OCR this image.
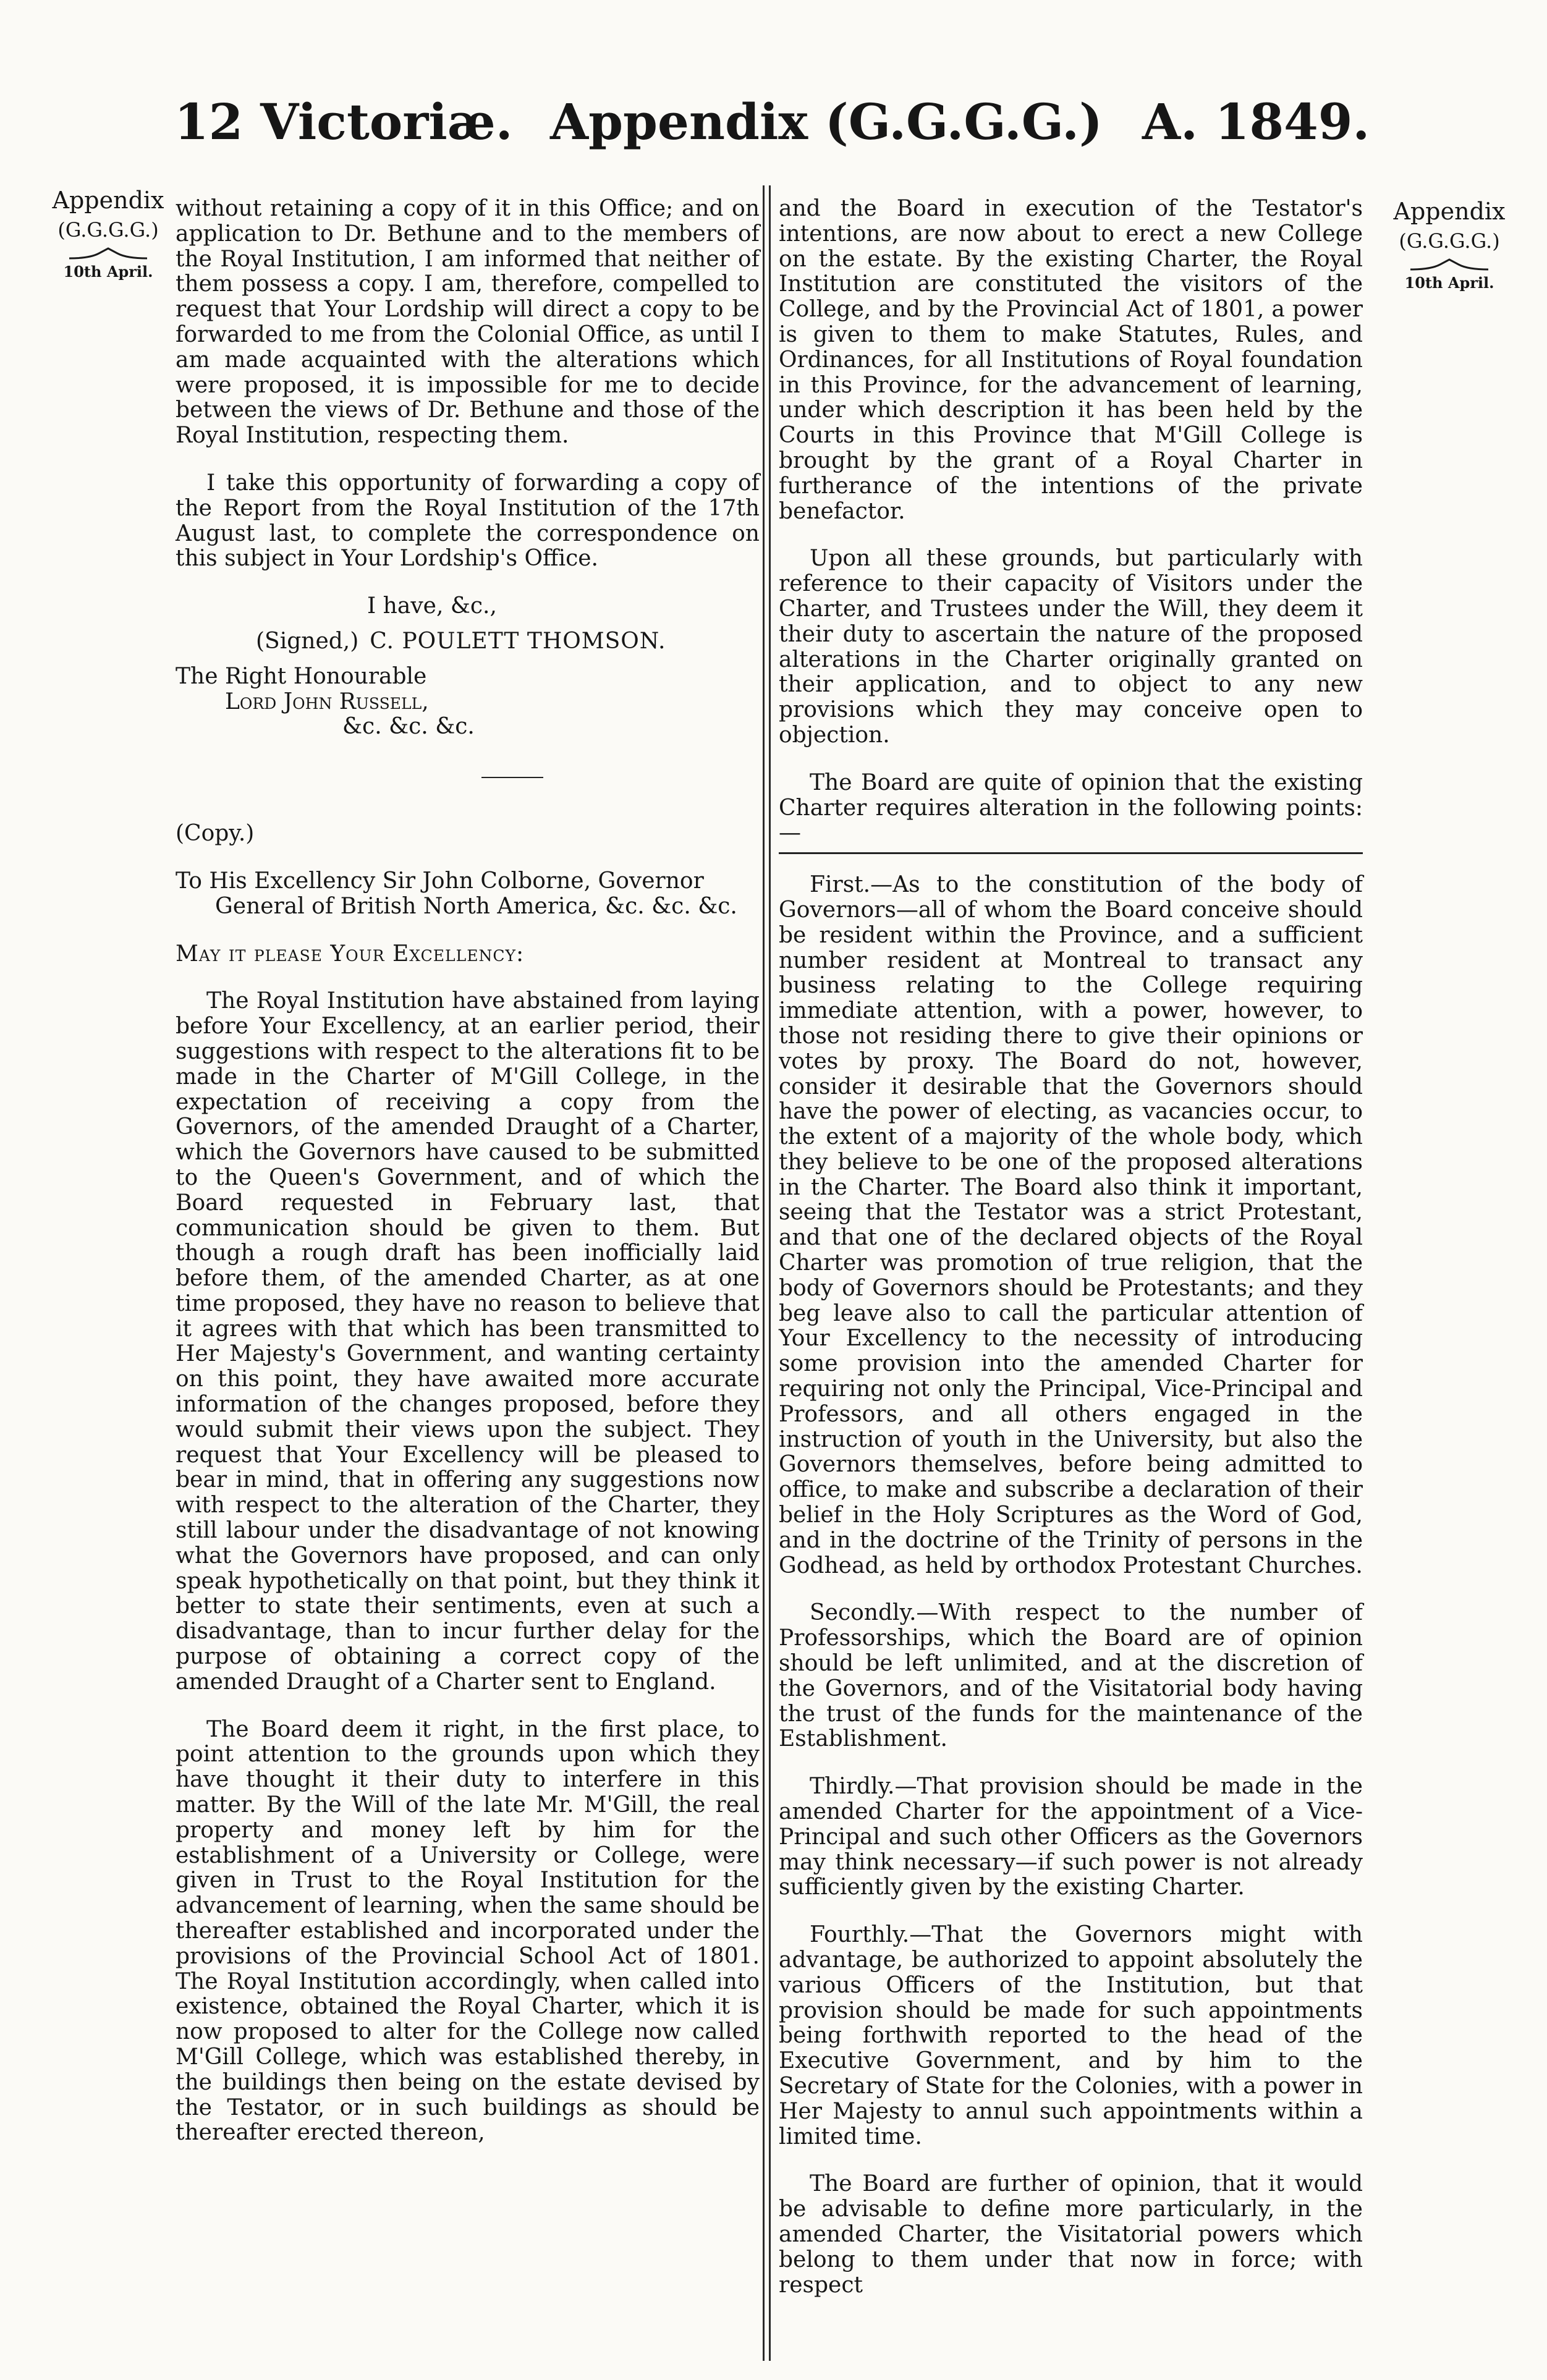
12 Victoriæ. Appendix (G.G.G.G.) A. 1849.
Appendix
(G.G.G.G.)
10th April.
Appendix
(G.G.G.G.)
10th April.

without retaining a copy of it in this Office; and on application to Dr. Bethune and to the members of the Royal Institution, I am informed that neither of them possess a copy. I am, therefore, compelled to request that Your Lordship will direct a copy to be forwarded to me from the Colonial Office, as until I am made acquainted with the alterations which were proposed, it is impossible for me to decide between the views of Dr. Bethune and those of the Royal Institution, respecting them.

I take this opportunity of forwarding a copy of the Report from the Royal Institution of the 17th August last, to complete the correspondence on this subject in Your Lordship's Office.

I have, &c.,
(Signed,) C. POULETT THOMSON.
The Right Honourable
Lord John Russell,
&c. &c. &c.
(Copy.)
To His Excellency Sir John Colborne, Governor
General of British North America, &c. &c. &c.
May it please Your Excellency:

The Royal Institution have abstained from laying before Your Excellency, at an earlier period, their suggestions with respect to the alterations fit to be made in the Charter of M'Gill College, in the expectation of receiving a copy from the Governors, of the amended Draught of a Charter, which the Governors have caused to be submitted to the Queen's Government, and of which the Board requested in February last, that communication should be given to them. But though a rough draft has been inofficially laid before them, of the amended Charter, as at one time proposed, they have no reason to believe that it agrees with that which has been transmitted to Her Majesty's Government, and wanting certainty on this point, they have awaited more accurate information of the changes proposed, before they would submit their views upon the subject. They request that Your Excellency will be pleased to bear in mind, that in offering any suggestions now with respect to the alteration of the Charter, they still labour under the disadvantage of not knowing what the Governors have proposed, and can only speak hypothetically on that point, but they think it better to state their sentiments, even at such a disadvantage, than to incur further delay for the purpose of obtaining a correct copy of the amended Draught of a Charter sent to England.

The Board deem it right, in the first place, to point attention to the grounds upon which they have thought it their duty to interfere in this matter. By the Will of the late Mr. M'Gill, the real property and money left by him for the establishment of a University or College, were given in Trust to the Royal Institution for the advancement of learning, when the same should be thereafter established and incorporated under the provisions of the Provincial School Act of 1801. The Royal Institution accordingly, when called into existence, obtained the Royal Charter, which it is now proposed to alter for the College now called M'Gill College, which was established thereby, in the buildings then being on the estate devised by the Testator, or in such buildings as should be thereafter erected thereon,

and the Board in execution of the Testator's intentions, are now about to erect a new College on the estate. By the existing Charter, the Royal Institution are constituted the visitors of the College, and by the Provincial Act of 1801, a power is given to them to make Statutes, Rules, and Ordinances, for all Institutions of Royal foundation in this Province, for the advancement of learning, under which description it has been held by the Courts in this Province that M'Gill College is brought by the grant of a Royal Charter in furtherance of the intentions of the private benefactor.

Upon all these grounds, but particularly with reference to their capacity of Visitors under the Charter, and Trustees under the Will, they deem it their duty to ascertain the nature of the proposed alterations in the Charter originally granted on their application, and to object to any new provisions which they may conceive open to objection.

The Board are quite of opinion that the existing Charter requires alteration in the following points:—

First.—As to the constitution of the body of Governors—all of whom the Board conceive should be resident within the Province, and a sufficient number resident at Montreal to transact any business relating to the College requiring immediate attention, with a power, however, to those not residing there to give their opinions or votes by proxy. The Board do not, however, consider it desirable that the Governors should have the power of electing, as vacancies occur, to the extent of a majority of the whole body, which they believe to be one of the proposed alterations in the Charter. The Board also think it important, seeing that the Testator was a strict Protestant, and that one of the declared objects of the Royal Charter was promotion of true religion, that the body of Governors should be Protestants; and they beg leave also to call the particular attention of Your Excellency to the necessity of introducing some provision into the amended Charter for requiring not only the Principal, Vice-Principal and Professors, and all others engaged in the instruction of youth in the University, but also the Governors themselves, before being admitted to office, to make and subscribe a declaration of their belief in the Holy Scriptures as the Word of God, and in the doctrine of the Trinity of persons in the Godhead, as held by orthodox Protestant Churches.

Secondly.—With respect to the number of Professorships, which the Board are of opinion should be left unlimited, and at the discretion of the Governors, and of the Visitatorial body having the trust of the funds for the maintenance of the Establishment.

Thirdly.—That provision should be made in the amended Charter for the appointment of a Vice-Principal and such other Officers as the Governors may think necessary—if such power is not already sufficiently given by the existing Charter.

Fourthly.—That the Governors might with advantage, be authorized to appoint absolutely the various Officers of the Institution, but that provision should be made for such appointments being forthwith reported to the head of the Executive Government, and by him to the Secretary of State for the Colonies, with a power in Her Majesty to annul such appointments within a limited time.

The Board are further of opinion, that it would be advisable to define more particularly, in the amended Charter, the Visitatorial powers which belong to them under that now in force; with respect
